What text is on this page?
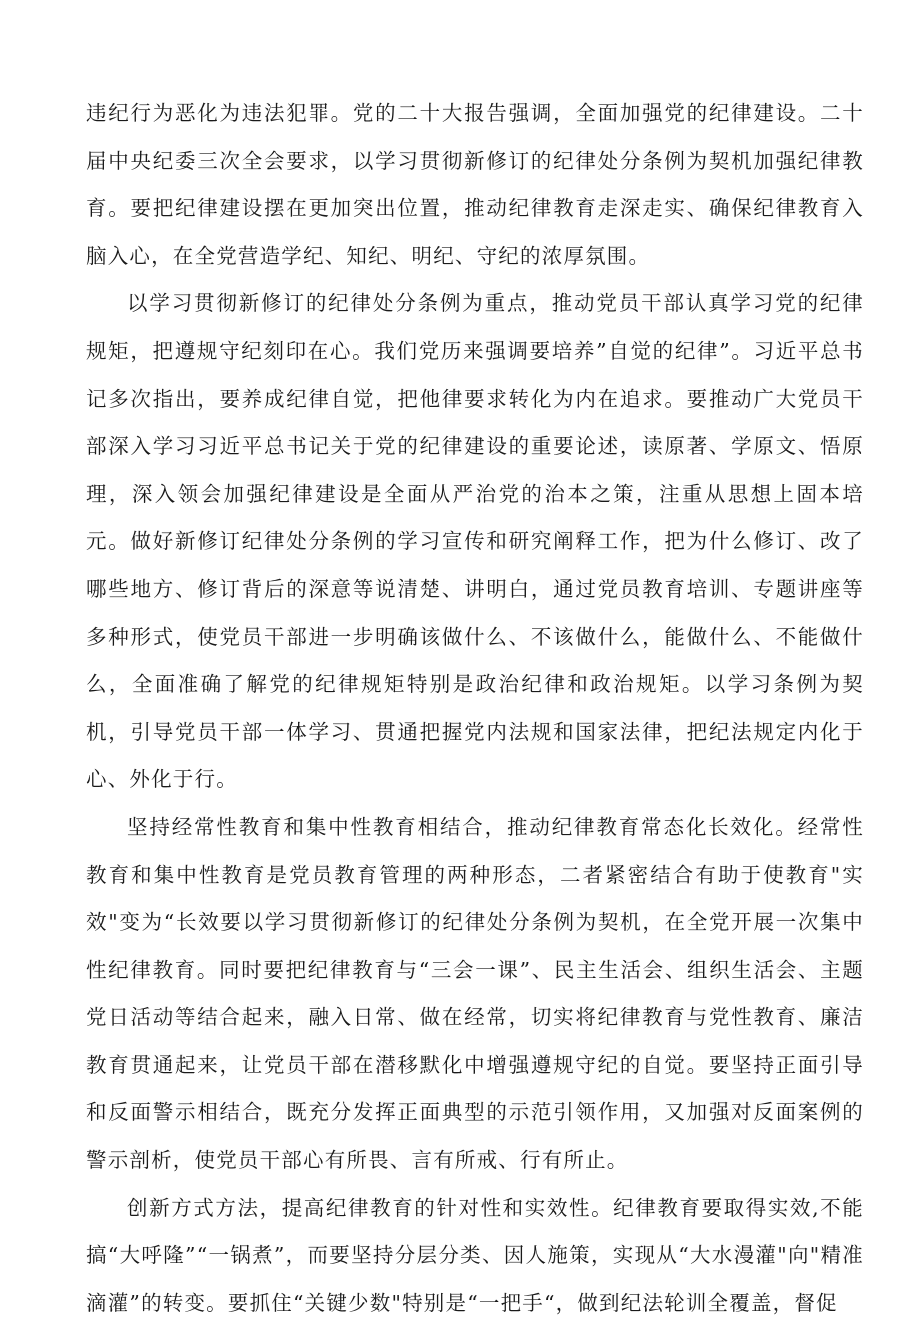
违纪行为恶化为违法犯罪。党的二十大报告强调，全面加强党的纪律建设。二十届中央纪委三次全会要求，以学习贯彻新修订的纪律处分条例为契机加强纪律教育。要把纪律建设摆在更加突出位置，推动纪律教育走深走实、确保纪律教育入脑入心，在全党营造学纪、知纪、明纪、守纪的浓厚氛围。

以学习贯彻新修订的纪律处分条例为重点，推动党员干部认真学习党的纪律规矩，把遵规守纪刻印在心。我们党历来强调要培养”自觉的纪律”。习近平总书记多次指出，要养成纪律自觉，把他律要求转化为内在追求。要推动广大党员干部深入学习习近平总书记关于党的纪律建设的重要论述，读原著、学原文、悟原理，深入领会加强纪律建设是全面从严治党的治本之策，注重从思想上固本培元。做好新修订纪律处分条例的学习宣传和研究阐释工作，把为什么修订、改了哪些地方、修订背后的深意等说清楚、讲明白，通过党员教育培训、专题讲座等多种形式，使党员干部进一步明确该做什么、不该做什么，能做什么、不能做什么，全面准确了解党的纪律规矩特别是政治纪律和政治规矩。以学习条例为契机，引导党员干部一体学习、贯通把握党内法规和国家法律，把纪法规定内化于心、外化于行。

坚持经常性教育和集中性教育相结合，推动纪律教育常态化长效化。经常性教育和集中性教育是党员教育管理的两种形态，二者紧密结合有助于使教育"实效"变为“长效要以学习贯彻新修订的纪律处分条例为契机，在全党开展一次集中性纪律教育。同时要把纪律教育与“三会一课”、民主生活会、组织生活会、主题党日活动等结合起来，融入日常、做在经常，切实将纪律教育与党性教育、廉洁教育贯通起来，让党员干部在潜移默化中增强遵规守纪的自觉。要坚持正面引导和反面警示相结合，既充分发挥正面典型的示范引领作用，又加强对反面案例的警示剖析，使党员干部心有所畏、言有所戒、行有所止。

创新方式方法，提高纪律教育的针对性和实效性。纪律教育要取得实效,不能搞“大呼隆”“一锅煮”，而要坚持分层分类、因人施策，实现从“大水漫灌"向"精准滴灌”的转变。要抓住“关键少数"特别是“一把手“，做到纪法轮训全覆盖，督促
